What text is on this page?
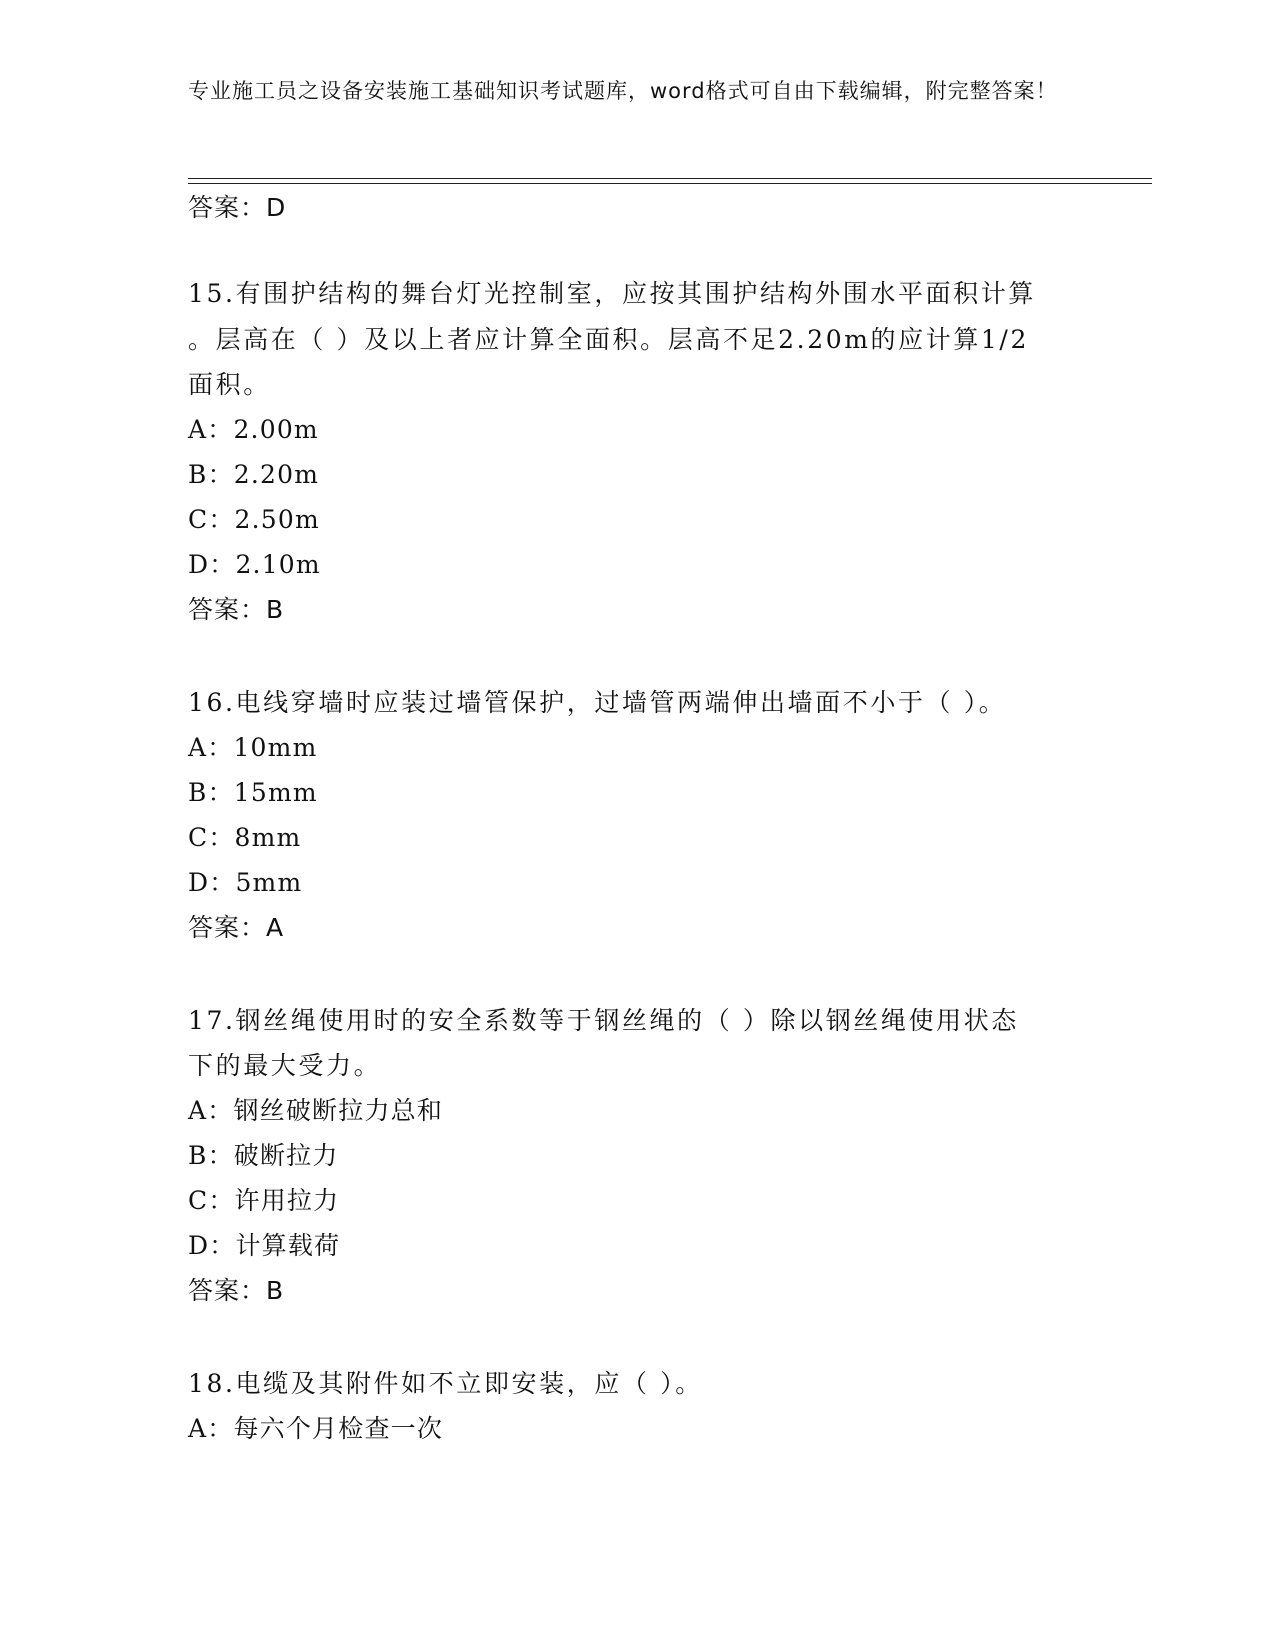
专业施工员之设备安装施工基础知识考试题库，word格式可自由下载编辑，附完整答案！
答案：D
15.有围护结构的舞台灯光控制室，应按其围护结构外围水平面积计算
。层高在（ ）及以上者应计算全面积。层高不足2.20m的应计算1/2
面积。
A：2.00m
B：2.20m
C：2.50m
D：2.10m
答案：B
16.电线穿墙时应装过墙管保护，过墙管两端伸出墙面不小于（ ）。
A：10mm
B：15mm
C：8mm
D：5mm
答案：A
17.钢丝绳使用时的安全系数等于钢丝绳的（ ）除以钢丝绳使用状态
下的最大受力。
A：钢丝破断拉力总和
B：破断拉力
C：许用拉力
D：计算载荷
答案：B
18.电缆及其附件如不立即安装，应（ ）。
A：每六个月检查一次
